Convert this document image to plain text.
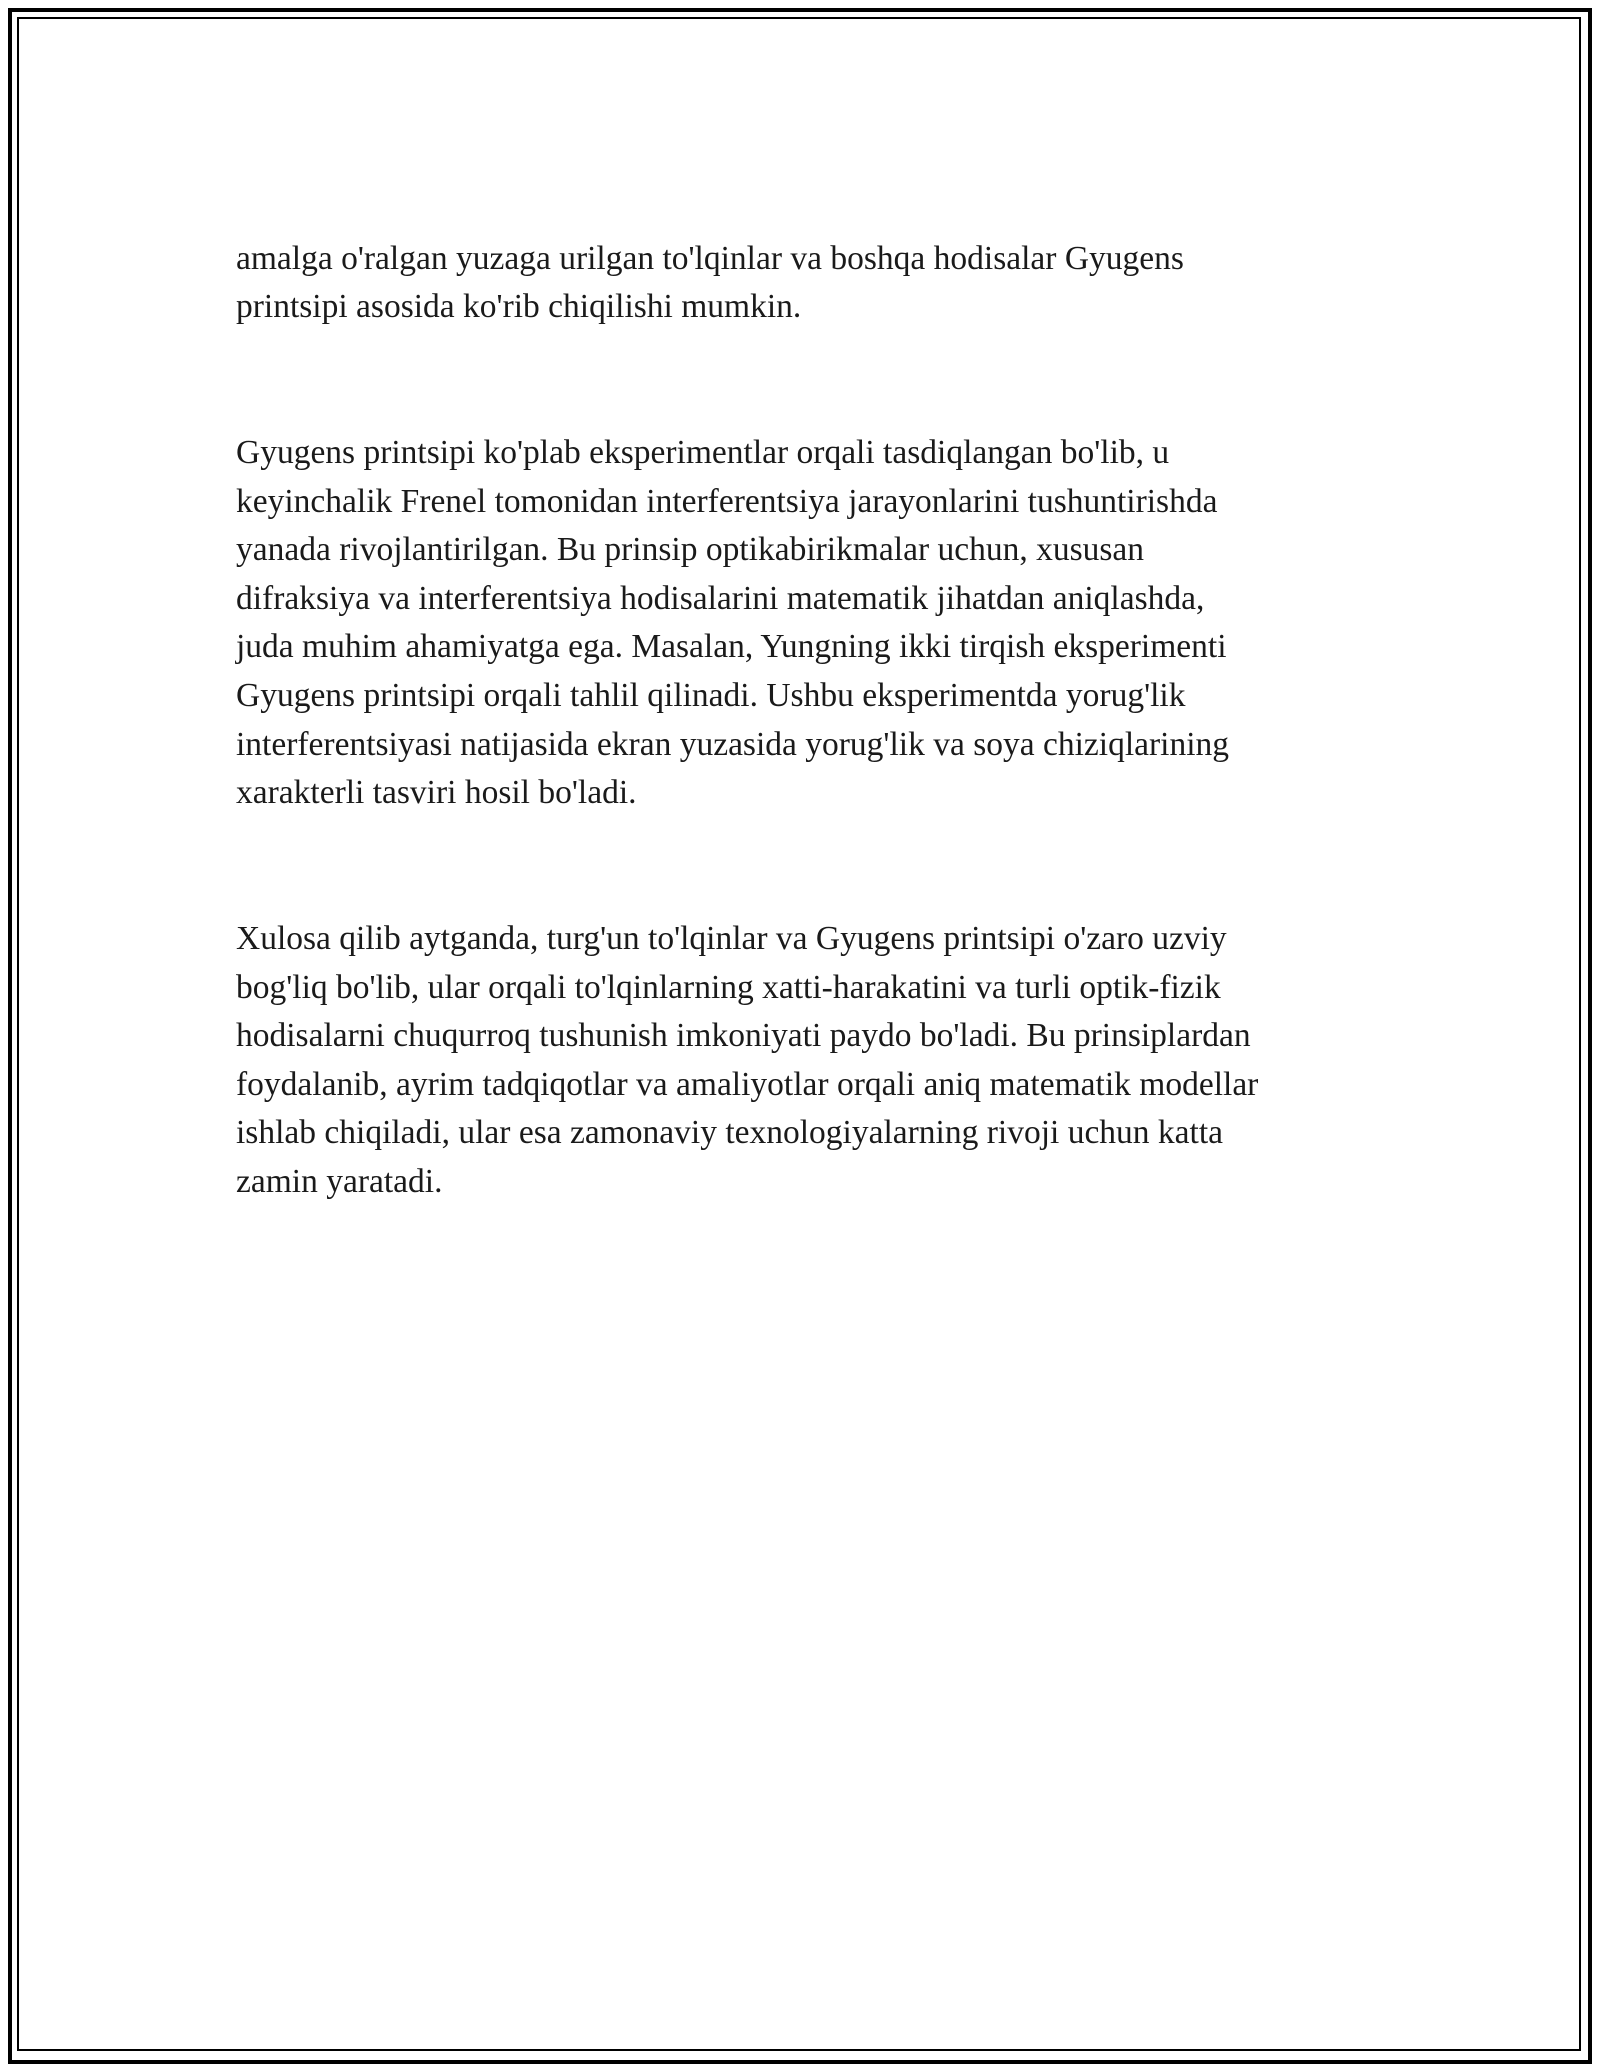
amalga o'ralgan yuzaga urilgan to'lqinlar va boshqa hodisalar Gyugens
printsipi asosida ko'rib chiqilishi mumkin.

Gyugens printsipi ko'plab eksperimentlar orqali tasdiqlangan bo'lib, u
keyinchalik Frenel tomonidan interferentsiya jarayonlarini tushuntirishda
yanada rivojlantirilgan. Bu prinsip optikabirikmalar uchun, xususan
difraksiya va interferentsiya hodisalarini matematik jihatdan aniqlashda,
juda muhim ahamiyatga ega. Masalan, Yungning ikki tirqish eksperimenti
Gyugens printsipi orqali tahlil qilinadi. Ushbu eksperimentda yorug'lik
interferentsiyasi natijasida ekran yuzasida yorug'lik va soya chiziqlarining
xarakterli tasviri hosil bo'ladi.

Xulosa qilib aytganda, turg'un to'lqinlar va Gyugens printsipi o'zaro uzviy
bog'liq bo'lib, ular orqali to'lqinlarning xatti-harakatini va turli optik-fizik
hodisalarni chuqurroq tushunish imkoniyati paydo bo'ladi. Bu prinsiplardan
foydalanib, ayrim tadqiqotlar va amaliyotlar orqali aniq matematik modellar
ishlab chiqiladi, ular esa zamonaviy texnologiyalarning rivoji uchun katta
zamin yaratadi.
